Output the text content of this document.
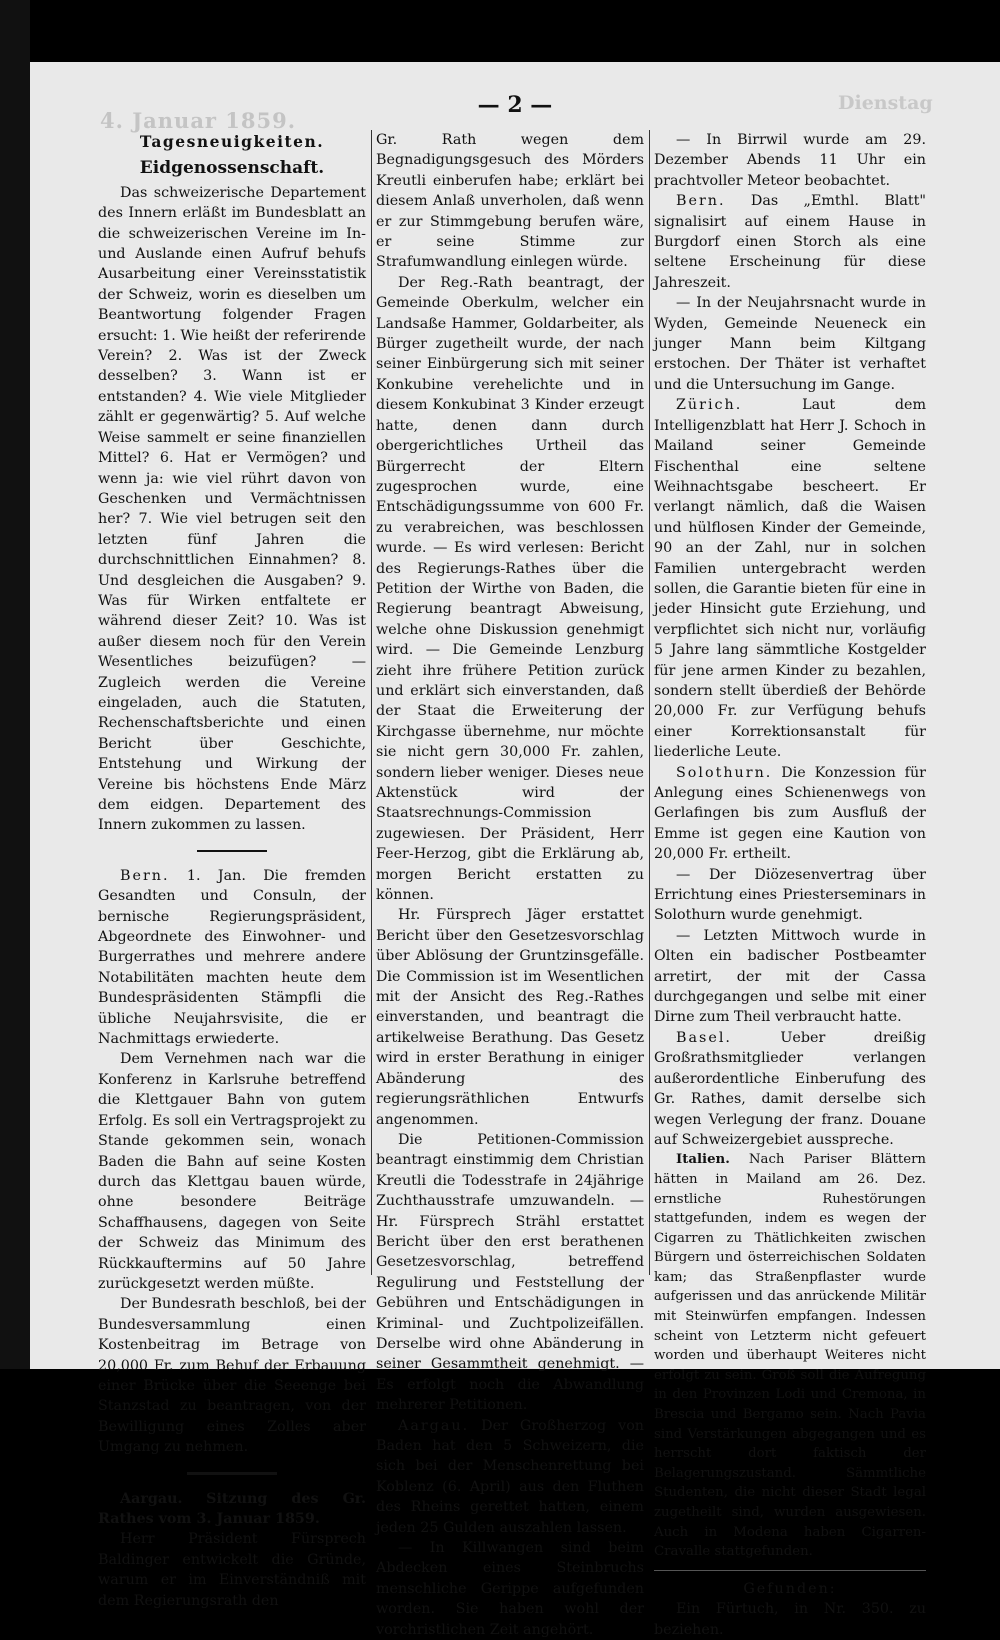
4. Januar 1859.
Dienstag
— 2 —

Tagesneuigkeiten.

Eidgenossenschaft.

Das schweizerische Departement des Innern erläßt im Bundesblatt an die schweizerischen Vereine im In- und Auslande einen Aufruf behufs Ausarbeitung einer Vereinsstatistik der Schweiz, worin es dieselben um Beantwortung folgender Fragen ersucht: 1. Wie heißt der referirende Verein? 2. Was ist der Zweck desselben? 3. Wann ist er entstanden? 4. Wie viele Mitglieder zählt er gegenwärtig? 5. Auf welche Weise sammelt er seine finanziellen Mittel? 6. Hat er Vermögen? und wenn ja: wie viel rührt davon von Geschenken und Vermächtnissen her? 7. Wie viel betrugen seit den letzten fünf Jahren die durchschnittlichen Einnahmen? 8. Und desgleichen die Ausgaben? 9. Was für Wirken entfaltete er während dieser Zeit? 10. Was ist außer diesem noch für den Verein Wesentliches beizufügen? — Zugleich werden die Vereine eingeladen, auch die Statuten, Rechenschaftsberichte und einen Bericht über Geschichte, Entstehung und Wirkung der Vereine bis höchstens Ende März dem eidgen. Departement des Innern zukommen zu lassen.

Bern. 1. Jan. Die fremden Gesandten und Consuln, der bernische Regierungspräsident, Abgeordnete des Einwohner- und Burgerrathes und mehrere andere Notabilitäten machten heute dem Bundespräsidenten Stämpfli die übliche Neujahrsvisite, die er Nachmittags erwiederte.

Dem Vernehmen nach war die Konferenz in Karlsruhe betreffend die Klettgauer Bahn von gutem Erfolg. Es soll ein Vertragsprojekt zu Stande gekommen sein, wonach Baden die Bahn auf seine Kosten durch das Klettgau bauen würde, ohne besondere Beiträge Schaffhausens, dagegen von Seite der Schweiz das Minimum des Rückkauftermins auf 50 Jahre zurückgesetzt werden müßte.

Der Bundesrath beschloß, bei der Bundesversammlung einen Kostenbeitrag im Betrage von 20,000 Fr. zum Behuf der Erbauung einer Brücke über die Seeenge bei Stanzstad zu beantragen, von der Bewilligung eines Zolles aber Umgang zu nehmen.

Aargau. Sitzung des Gr. Rathes vom 3. Januar 1859.

Herr Präsident Fürsprech Baldinger entwickelt die Gründe, warum er im Einverständniß mit dem Regierungsrath den

Gr. Rath wegen dem Begnadigungsgesuch des Mörders Kreutli einberufen habe; erklärt bei diesem Anlaß unverholen, daß wenn er zur Stimmgebung berufen wäre, er seine Stimme zur Strafumwandlung einlegen würde.

Der Reg.-Rath beantragt, der Gemeinde Oberkulm, welcher ein Landsaße Hammer, Goldarbeiter, als Bürger zugetheilt wurde, der nach seiner Einbürgerung sich mit seiner Konkubine verehelichte und in diesem Konkubinat 3 Kinder erzeugt hatte, denen dann durch obergerichtliches Urtheil das Bürgerrecht der Eltern zugesprochen wurde, eine Entschädigungssumme von 600 Fr. zu verabreichen, was beschlossen wurde. — Es wird verlesen: Bericht des Regierungs-Rathes über die Petition der Wirthe von Baden, die Regierung beantragt Abweisung, welche ohne Diskussion genehmigt wird. — Die Gemeinde Lenzburg zieht ihre frühere Petition zurück und erklärt sich einverstanden, daß der Staat die Erweiterung der Kirchgasse übernehme, nur möchte sie nicht gern 30,000 Fr. zahlen, sondern lieber weniger. Dieses neue Aktenstück wird der Staatsrechnungs-Commission zugewiesen. Der Präsident, Herr Feer-Herzog, gibt die Erklärung ab, morgen Bericht erstatten zu können.

Hr. Fürsprech Jäger erstattet Bericht über den Gesetzesvorschlag über Ablösung der Gruntzinsgefälle. Die Commission ist im Wesentlichen mit der Ansicht des Reg.-Rathes einverstanden, und beantragt die artikelweise Berathung. Das Gesetz wird in erster Berathung in einiger Abänderung des regierungsräthlichen Entwurfs angenommen.

Die Petitionen-Commission beantragt einstimmig dem Christian Kreutli die Todesstrafe in 24jährige Zuchthausstrafe umzuwandeln. — Hr. Fürsprech Strähl erstattet Bericht über den erst berathenen Gesetzesvorschlag, betreffend Regulirung und Feststellung der Gebühren und Entschädigungen in Kriminal- und Zuchtpolizeifällen. Derselbe wird ohne Abänderung in seiner Gesammtheit genehmigt. — Es erfolgt noch die Abwandlung mehrerer Petitionen.

Aargau. Der Großherzog von Baden hat den 5 Schweizern, die sich bei der Menschenrettung bei Koblenz (6. April) aus den Fluthen des Rheins gerettet hatten, einem jeden 25 Gulden auszahlen lassen.

— In Killwangen sind beim Abdecken eines Steinbruchs menschliche Gerippe aufgefunden worden. Sie haben wohl der vorchristlichen Zeit angehört.

— In Birrwil wurde am 29. Dezember Abends 11 Uhr ein prachtvoller Meteor beobachtet.

Bern. Das „Emthl. Blatt" signalisirt auf einem Hause in Burgdorf einen Storch als eine seltene Erscheinung für diese Jahreszeit.

— In der Neujahrsnacht wurde in Wyden, Gemeinde Neueneck ein junger Mann beim Kiltgang erstochen. Der Thäter ist verhaftet und die Untersuchung im Gange.

Zürich.	Laut dem Intelligenzblatt hat Herr J. Schoch in Mailand seiner Gemeinde Fischenthal eine seltene Weihnachtsgabe bescheert. Er verlangt nämlich, daß die Waisen und hülflosen Kinder der Gemeinde, 90 an der Zahl, nur in solchen Familien untergebracht werden sollen, die Garantie bieten für eine in jeder Hinsicht gute Erziehung, und verpflichtet sich nicht nur, vorläufig 5 Jahre lang sämmtliche Kostgelder für jene armen Kinder zu bezahlen, sondern stellt überdieß der Behörde 20,000 Fr. zur Verfügung behufs einer Korrektionsanstalt für liederliche Leute.

Solothurn. Die Konzession für Anlegung eines Schienenwegs von Gerlafingen bis zum Ausfluß der Emme ist gegen eine Kaution von 20,000 Fr. ertheilt.

— Der Diözesenvertrag über Errichtung eines Priesterseminars in Solothurn wurde genehmigt.

— Letzten Mittwoch wurde in Olten ein badischer Postbeamter arretirt, der mit der Cassa durchgegangen und selbe mit einer Dirne zum Theil verbraucht hatte.

Basel.	Ueber dreißig Großrathsmitglieder verlangen außerordentliche Einberufung des Gr. Rathes, damit derselbe sich wegen Verlegung der franz. Douane auf Schweizergebiet ausspreche.

Italien. Nach Pariser Blättern hätten in Mailand am 26. Dez. ernstliche Ruhestörungen stattgefunden, indem es wegen der Cigarren zu Thätlichkeiten zwischen Bürgern und österreichischen Soldaten kam; das Straßenpflaster wurde aufgerissen und das anrückende Militär mit Steinwürfen empfangen. Indessen scheint von Letzterm nicht gefeuert worden und überhaupt Weiteres nicht erfolgt zu sein. Groß soll die Aufregung in den Provinzen Lodi und Cremona, in Brescia und Bergamo sein. Nach Pavia sind Verstärkungen abgegangen und es herrscht dort faktisch der Belagerungszustand. Sämmtliche Studenten, die nicht dieser Stadt legal zugetheilt sind, wurden ausgewiesen. Auch in Modena haben Cigarren-Cravalle stattgefunden.

Gefunden:

Ein Fürtuch, in Nr. 350. zu beziehen.
